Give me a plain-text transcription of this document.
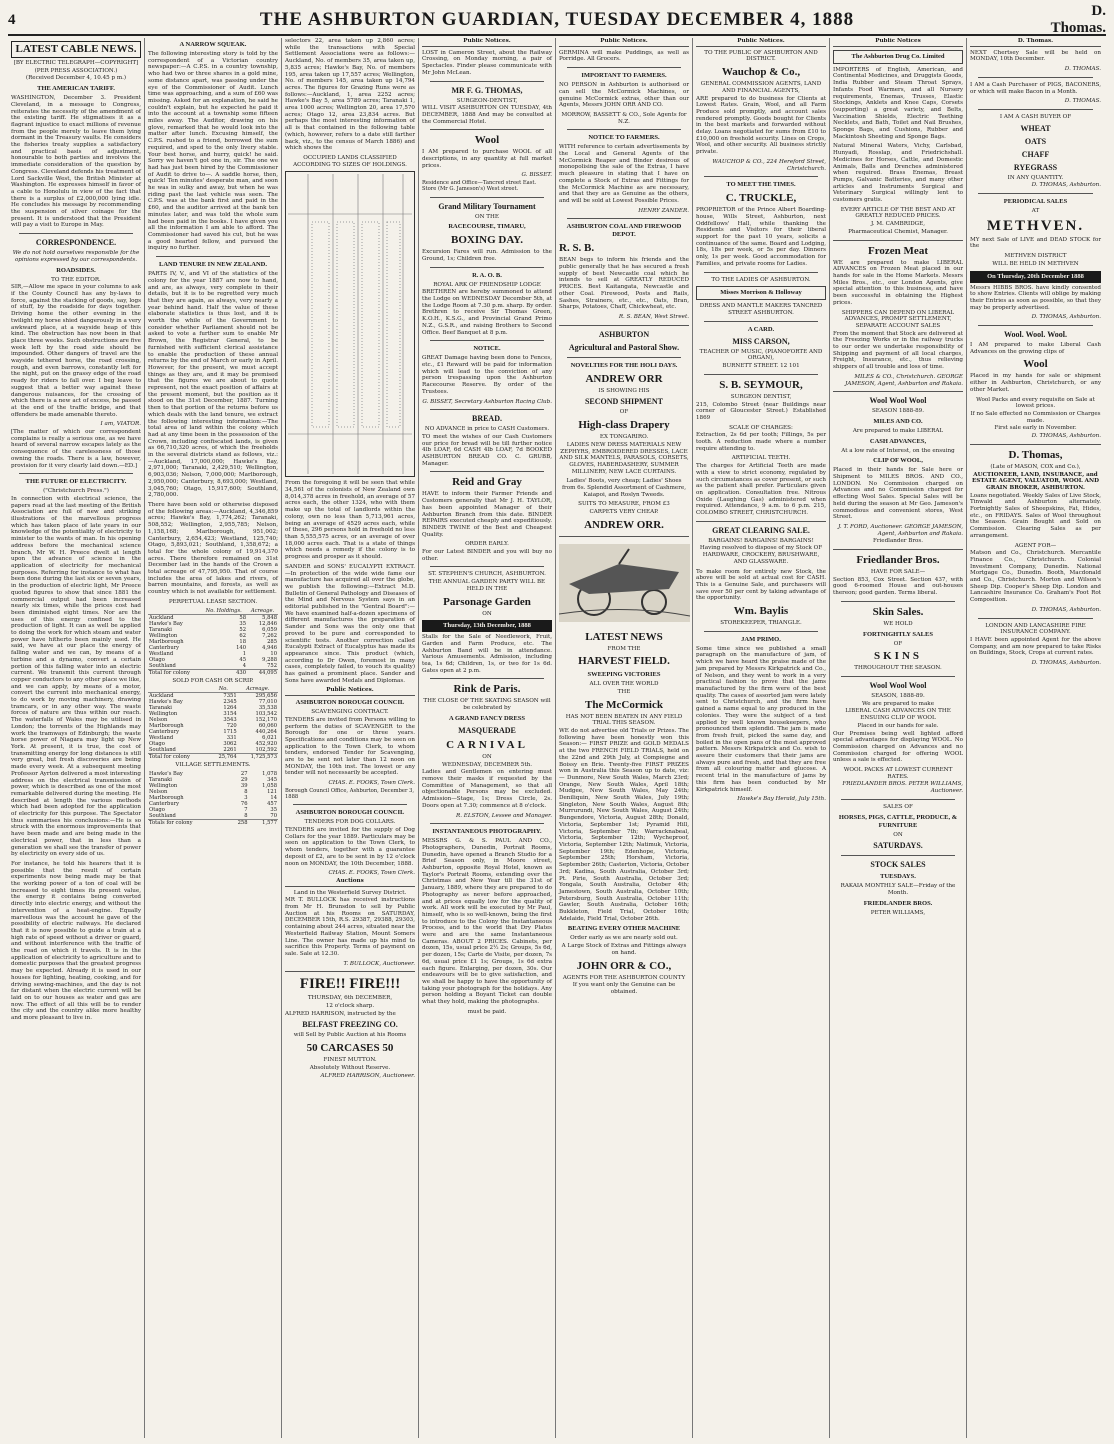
4	THE ASHBURTON GUARDIAN, TUESDAY DECEMBER 4, 1888	D. Thomas.
LATEST CABLE NEWS.
[BY ELECTRIC TELEGRAPH—COPYRIGHT]
(PER PRESS ASSOCIATION.)
(Received December 4, 10.45 p m.)
THE AMERICAN TARIFF.

WASHINGTON, December 3. President Cleveland, in a message to Congress, reiterates the necessity of the amendment of the existing tariff. He stigmatises it as a flagrant injustice to exact millions of revenue from the people merely to leave them lying dormant in the Treasury vaults. He considers the fisheries treaty supplies a satisfactory and practical basis of adjustment, honourable to both parties and involves the immediate consideration of the question by Congress. Cleveland defends his treatment of Lord Sackville West, the British Minister at Washington. He expresses himself in favor of a cable to Honolulu in view of the fact that there is a surplus of £2,000,000 lying idle. He concludes his message by recommending the suspension of silver coinage for the present. It is understood that the President will pay a visit to Europe in May.

CORRESPONDENCE.
We do not hold ourselves responsible for the opinions expressed by our correspondents.
ROADSIDES.
TO THE EDITOR.

SIR,—Allow me space in your columns to ask if the County Council has any by-laws to force, against the stacking of goods, say, logs of stuff, by the roadside for days together. Driving home the other evening in the twilight my horse shied dangerously in a very awkward place, at a wayside heap of this kind. The obstruction has now been in that place three weeks. Such obstructions are five week left by the road side should be impounded. Other dangers of travel are the wayside tethered horse, the road crossing, rough, and even barrows, constantly left for the night, put on the grassy edge of the road ready for riders to fall over. I beg leave to suggest that a better way against these dangerous nuisances, for the crossing of which there is a new act of excess, be passed at the end of the traffic bridge, and that offenders be made amenable thereto.

I am, VIATOR.

[The matter of which our correspondent complains is really a serious one, as we have heard of several narrow escapes lately as the consequence of the carelessness of those owning the roads. There is a law, however, provision for it very clearly laid down.—ED.]

THE FUTURE OF ELECTRICITY.
("Christchurch Press.")

In connection with electrical science, the papers read at the last meeting of the British Association are full of new and striking illustrations of the marvellous progress which has taken place of late years in our knowledge of the potentiality of electricity to minister to the wants of man. In his opening address before the mechanical science branch, Mr W. H. Preece dwelt at length upon the advance of science in the application of electricity for mechanical purposes. Referring for instance to what has been done during the last six or seven years, in the production of electric light, Mr Preece quoted figures to show that since 1881 the commercial output had been increased nearly six times, while the prices cost had been diminished eight times. Nor are the uses of this energy confined to the production of light. It can as well be applied to doing the work for which steam and water power have hitherto been mainly used. He said, we have at our place the energy of falling water and we can, by means of a turbine and a dynamo, convert a certain portion of this falling water into an electric current. We transmit this current through copper conductors to any other place we like, and we can apply, by means of a motor, convert the current into mechanical energy, to do work by moving machinery, drawing tramcars, or in any other way. The waste forces of nature are thus within our reach. The waterfalls of Wales may be utilised in London; the torrents of the Highlands may work the tramways of Edinburgh; the waste horse power of Niagara may light up New York. At present, it is true, the cost of transmitting energy for long distances is still very great, but fresh discoveries are being made every week. At a subsequent meeting Professor Ayrton delivered a most interesting address on the electrical transmission of power, which is described as one of the most remarkable delivered during the meeting. He described at length the various methods which had been adopted for the application of electricity for this purpose. The Spectator thus summarises his conclusions:—He is so struck with the enormous improvements that have been made and are being made in the electrical power, that in less than a generation we shall see the transfer of power by electricity on every side of us.

For instance, he told his hearers that it is possible that the result of certain experiments now being made may be that the working power of a ton of coal will be increased to eight times its present value, the energy it contains being converted directly into electric energy, and without the intervention of a heat-engine. Equally marvellous was the account he gave of the possibility of electric railways. He declared that it is now possible to guide a train at a high rate of speed without a driver or guard, and without interference with the traffic of the road on which it travels. It is in the application of electricity to agriculture and to domestic purposes that the greatest progress may be expected. Already it is used in our houses for lighting, heating, cooking, and for driving sewing-machines, and the day is not far distant when the electric current will be laid on to our houses as water and gas are now. The effect of all this will be to render the city and the country alike more healthy and more pleasant to live in.

A NARROW SQUEAK.

The following interesting story is told by the correspondent of a Victorian country newspaper:—A C.P.S. in a country township, who had two or three shares in a gold mine, some distance apart, was passing under the eye of the Commissioner of Audit. Lunch time was approaching, and a sum of £60 was missing. Asked for an explanation, he said he couldn't explain, but he expected he paid it into the account at a township some fifteen miles away. The Auditor, drawing on his glove, remarked that he would look into the matter after lunch. Excusing himself, the C.P.S. rushed to a friend, borrowed the sum required, and sped to the only livery stable. Your best horse, and hurry, quick! he said. Sorry we haven't got one in, sir. The one we had has just been hired by the Commissioner of Audit to drive to—. A saddle horse, then, quick! Ten minutes' desperate man, and soon he was in sulky and away, but when he was riding past the last vehicle was seen. The C.P.S. was at the bank first and paid in the £60, and the auditor arrived at the bank ten minutes later, and was told the whole sum had been paid in the books. I have given you all the information I am able to afford. The Commissioner had saved his cut, but he was a good hearted fellow, and pursued the inquiry no further.

LAND TENURE IN NEW ZEALAND.

PARTS IV, V., and VI of the statistics of the colony for the year 1887 are now to hand, and are, as always, very complete in their details, but it is to be regretted very much that they are again, as always, very nearly a year behind hand. Half the value of these elaborate statistics is thus lost, and it is worth the while of the Government to consider whether Parliament should not be asked to vote a further sum to enable Mr Brown, the Registrar General, to be furnished with sufficient clerical assistance to enable the production of these annual returns by the end of March or early in April. However, for the present, we must accept things as they are, and it may be premised that the figures we are about to quote represent, not the exact position of affairs at the present moment, but the position as it stood on the 31st December, 1887. Turning then to that portion of the returns before us which deals with the land tenure, we extract the following interesting information:—The total area of land within the colony which had at any time been in the possession of the Crown, including confiscated lands, is given as 66,710,320 acres, of which the freeholds in the several districts stand as follows, viz.:—Auckland, 17,000,000; Hawke's Bay, 2,971,000; Taranaki, 2,429,510; Wellington, 6,903,036; Nelson, 7,000,000; Marlborough, 2,950,000; Canterbury, 8,693,000; Westland, 3,045,760; Otago, 15,917,600; Southland, 2,780,000.

There have been sold or otherwise disposed of the following areas:—Auckland, 4,346,859 acres; Hawke's Bay, 1,774,262; Taranaki, 508,552; Wellington, 2,955,785; Nelson, 1,158,168; Marlborough, 951,002; Canterbury, 2,654,423; Westland, 125,740; Otago, 5,893,021; Southland, 1,358,672; a total for the whole colony of 19,914,370 acres. There therefore remained on 31st December last in the hands of the Crown a total acreage of 47,795,950. That of course includes the area of lakes and rivers, of barren mountains, and forests, as well as country which is not available for settlement.

PERPETUAL LEASE SECTION.
	No. Holdings.	Acreage.
Auckland	58	5,848
Hawke's Bay	35	12,846
Taranaki	52	6,059
Wellington	62	7,262
Marlborough	18	285
Canterbury	140	4,946
Westland	1	10
Otago	45	9,288
Southland	4	752
Total for colony	430	44,095
SOLD FOR CASH OR SCRIP.
	No.	Acreage.
Auckland	7351	295,656
Hawke's Bay	2345	77,010
Taranaki	1264	35,538
Wellington	3154	103,542
Nelson	3543	152,170
Marlborough	720	60,060
Canterbury	1715	440,264
Westland	331	6,021
Otago	3062	452,920
Southland	2261	102,592
Total for colony	25,764	1,725,573
VILLAGE SETTLEMENTS.
Hawke's Bay	27	1,078
Taranaki	29	345
Wellington	39	1,058
Nelson	8	121
Marlborough	3	14
Canterbury	76	457
Otago	7	35
Southland	8	70
Totals for colony	258	1,577

selectors 22, area taken up 2,860 acres; while the transactions with Special Settlement Associations were as follows:—Auckland, No. of members 35, area taken up, 5,835 acres; Hawke's Bay, No. of members 195, area taken up 17,557 acres; Wellington, No. of members 145, area taken up 14,794 acres. The figures for Grazing Runs were as follows:—Auckland, 1, area 2252 acres; Hawke's Bay 5, area 5789 acres; Taranaki 1, area 1000 acres; Wellington 20, area 17,570 acres; Otago 12, area 23,834 acres. But perhaps the most interesting information of all is that contained in the following table (which, however, refers to a date still farther back, viz., to the census of March 1886) and which shows the

OCCUPIED LANDS CLASSIFIED ACCORDING TO SIZES OF HOLDINGS.

From the foregoing it will be seen that while 34,561 of the colonists of New Zealand own 8,014,378 acres in freehold, an average of 57 acres each, the other 1324, who with them make up the total of landlords within the colony, own no less than 5,713,961 acres, being an average of 4529 acres each, while of these, 296 persons hold in freehold no less than 5,555,575 acres, or an average of over 18,000 acres each. That is a state of things which needs a remedy if the colony is to progress and prosper as it should.

SANDER and SONS' EUCALYPTI EXTRACT.—In protection of the wide wide fame our manufacture has acquired all over the globe, we publish the following:—Extract M.D. Bulletin of General Pathology and Diseases of the Mind and Nervous System says in an editorial published in the "Gentral Board":—We have examined half-a-dozen specimens of different manufactures the preparation of Sander and Sons was the only one that proved to be pure and corresponded to scientific tests. Another correction called Eucalypti Extract of Eucalyptus has made its appearance since. This product (which, according to Dr Owen, foremost in many cases, completely failed, to vouch its quality) has gained a prominent place. Sander and Sons have awarded Medals and Diplomas.

Public Notices.
ASHBURTON BOROUGH COUNCIL
SCAVENGING CONTRACT.

TENDERS are invited from Persons willing to perform the duties of SCAVENGER to the Borough for one or three years. Specifications and conditions may be seen on application to the Town Clerk, to whom tenders, endorsed Tender for Scavenging, are to be sent not later than 12 noon on MONDAY, the 10th inst. The lowest or any tender will not necessarily be accepted.

CHAS. E. FOOKS, Town Clerk.
Borough Council Office, Ashburton, December 3, 1888
ASHBURTON BOROUGH COUNCIL
TENDERS FOR DOG COLLARS.

TENDERS are invited for the supply of Dog Collars for the year 1889. Particulars may be seen on application to the Town Clerk, to whom tenders, together with a guarantee deposit of £2, are to be sent in by 12 o'clock noon on MONDAY, the 10th December, 1888.

CHAS. E. FOOKS, Town Clerk.
Auctions
Land in the Westerfield Survey District.

MR T. BULLOCK has received instructions from Mr H. Brunsdon to sell by Public Auction at his Rooms on SATURDAY, DECEMBER 15th, R.S. 29387, 29388, 29303, containing about 244 acres, situated near the Westerfield Railway Station, Mount Somers Line. The owner has made up his mind to sacrifice this Property. Terms of payment on sale. Sale at 12.30.

T. BULLOCK, Auctioneer.
FIRE!! FIRE!!!
THURSDAY, 6th DECEMBER,
12 o'clock sharp.
ALFRED HARRISON, instructed by the
BELFAST FREEZING CO.
will Sell by Public Auction at his Rooms
50 CARCASES 50
FINEST MUTTON.
Absolutely Without Reserve.
ALFRED HARRISON, Auctioneer.
Public Notices.

LOST in Cameron Street, about the Railway Crossing, on Monday morning, a pair of Spectacles. Finder please communicate with Mr John McLean.

MR F. G. THOMAS,
SURGEON-DENTIST,

WILL VISIT ASHBURTON ON TUESDAY, 4th DECEMBER, 1888 And may be consulted at the Commercial Hotel.

Wool

I AM prepared to purchase WOOL of all descriptions, in any quantity at full market prices.

G. BISSET.
Residence and Office—Tancred street East. Store (Mr G. Jameson's) West street.
Grand Military Tournament
ON THE
RACECOURSE, TIMARU,
BOXING DAY.

Excursion Fares will run. Admission to the Ground, 1s; Children free.

R. A. O. B.
ROYAL ARK OF FRIENDSHIP LODGE

BRETHREN are hereby summoned to attend the Lodge on WEDNESDAY December 5th, at the Lodge Room at 7.30 p.m. sharp. By order. Brethren to receive Sir Thomas Green, K.O.H., K.S.G., and Provincial Grand Primo N.Z., G.S.R., and raising Brothers to Second Office. Beef Banquet at 8 p.m.

NOTICE.

GREAT Damage having been done to Fences, etc., £1 Reward will be paid for information which will lead to the conviction of any person trespassing upon the Ashburton Racecourse Reserve. By order of the Trustees.

G. BISSET, Secretary Ashburton Racing Club.
BREAD.
NO ADVANCE in price to CASH Customers.

TO meet the wishes of our Cash Customers our price for bread will be till further notice 4lb LOAF, 6d CASH 4lb LOAF, 7d BOOKED ASHBURTON BREAD CO. C. GRUBB, Manager.

Reid and Gray

HAVE to inform their Farmer Friends and Customers generally that Mr J. H. TAYLOR, has been appointed Manager of their Ashburton Branch from this date. BINDER REPAIRS executed cheaply and expeditiously. BINDER TWINE of the Best and Cheapest Quality.

ORDER EARLY.

For our Latest BINDER and you will buy no other.

ST. STEPHEN'S CHURCH, ASHBURTON.
THE ANNUAL GARDEN PARTY WILL BE HELD IN THE
Parsonage Garden
ON
Thursday, 13th December, 1888

Stalls for the Sale of Needlework, Fruit, Garden and Farm Produce, etc. The Ashburton Band will be in attendance. Various Amusements. Admission, including tea, 1s 6d; Children, 1s, or two for 1s 6d. Gates open at 2 p.m.

Rink de Paris.
THE CLOSE OF THE SKATING SEASON will be celebrated by
A GRAND FANCY DRESS
MASQUERADE
CARNIVAL
ON
WEDNESDAY, DECEMBER 5th.

Ladies and Gentlemen on entering must remove their masks if requested by the Committee of Management, so that all objectionable Persons may be excluded. Admission—Stage, 1s; Dress Circle, 2s. Doors open at 7.30; commence at 8 o'clock.

R. ELSTON, Lessee and Manager.
INSTANTANEOUS PHOTOGRAPHY.

MESSRS G. & S. PAUL AND CO., Photographers, Dunedin, Portrait Rooms, Dunedin, have opened a Branch Studio for a Brief Season only, in Moore street, Ashburton, opposite Royal Hotel, known as Taylor's Portrait Rooms, extending over the Christmas and New Year till the 31st of January, 1889, where they are prepared to do Photography as never before approached, and at prices equally low for the quality of work. All work will be executed by Mr Paul, himself, who is so well-known, being the first to introduce to the Colony the Instantaneous Process, and to the world that Dry Plates were and are the same Instantaneous Cameras. ABOUT 2 PRICES. Cabinets, per dozen, 15s, usual price 2½ 2s; Groups, 5s 6d, per dozen, 15s; Carte de Visite, per dozen, 7s 6d, usual price £1 1s; Groups, 1s 6d extra each figure. Enlarging, per dozen, 30s. Our endeavours will be to give satisfaction, and we shall be happy to have the opportunity of taking your photograph for the holidays. Any person holding a Boyant Ticket can double what they hold, making the photographs.

must be paid.
Public Notices.

GERMINA will make Puddings, as well as Porridge. All Grocers.

IMPORTANT TO FARMERS.

NO PERSON in Ashburton is authorised or can sell the McCormick Machines, or genuine McCormick extras, other than our Agents, Messrs JOHN ORR AND CO.

MORROW, BASSETT & CO., Sole Agents for N.Z.
NOTICE TO FARMERS.

WITH reference to certain advertisements by the Local and General Agents of the McCormick Reaper and Binder desirous of monopolising the sale of the Extras, I have much pleasure in stating that I have on complete a Stock of Extras and Fittings for the McCormick Machine as are necessary, and that they are as Genuine as the others, and will be sold at Lowest Possible Prices.

HENRY ZANDER.
ASHBURTON COAL AND FIREWOOD DEPOT.
R. S. B.

BEAN begs to inform his friends and the public generally that he has secured a fresh supply of best Newcastle coal which he intends to sell at GREATLY REDUCED PRICES. Best Kaitangata, Newcastle and other Coal. Firewood, Posts and Rails, Sashes, Strainers, etc., etc., Oats, Bran, Sharps, Potatoes, Chaff, Chickwheat, etc.

R. S. BEAN, West Street.
ASHBURTON
Agricultural and Pastoral Show.
NOVELTIES FOR THE HOLI DAYS.
ANDREW ORR
IS SHOWING HIS
SECOND SHIPMENT
OF
High-class Drapery
EX TONGARIRO.

LADIES NEW DRESS MATERIALS NEW ZEPHYRS, EMBROIDERED DRESSES, LACE AND SILK MANTELS, PARASOLS, CORSETS, GLOVES, HABERDASHERY, SUMMER MILLINERY, NEW LACE CURTAINS.

Ladies' Boots, very cheap; Ladies' Shoes from 6s. Splendid Assortment of Cashmere, Kaiapoi, and Roslyn Tweeds.

SUITS TO MEASURE, FROM £3
CARPETS VERY CHEAP.
ANDREW ORR.
LATEST NEWS
FROM THE
HARVEST FIELD.
SWEEPING VICTORIES
ALL OVER THE WORLD
THE
The McCormick
HAS NOT BEEN BEATEN IN ANY FIELD TRIAL THIS SEASON.

WE do not advertise old Trials or Prizes. The following have been honestly won this Season:— FIRST PRIZE and GOLD MEDALS at the two FRENCH FIELD TRIALS, held on the 22nd and 29th July, at Compiegne and Boissy en Brie. Twenty-five FIRST PRIZES won in Australia this Season up to date, viz:— Dunmore, New South Wales, March 23rd; Orange, New South Wales, April 18th; Mudgee, New South Wales, May 24th; Deniliquin, New South Wales, July 19th; Singleton, New South Wales, August 8th; Murrurundi, New South Wales, August 24th; Bungendore, Victoria, August 28th; Donald, Victoria, September 1st; Pyramid Hill, Victoria, September 7th; Warracknabeal, Victoria, September 12th; Wycheproof, Victoria, September 12th; Natimuk, Victoria, September 19th; Edenhope, Victoria, September 25th; Horsham, Victoria, September 26th; Casterton, Victoria, October 3rd; Kadina, South Australia, October 3rd; Pt. Pirie, South Australia, October 3rd; Yongala, South Australia, October 4th; Jamestown, South Australia, October 10th; Petersburg, South Australia, October 11th; Gawler, South Australia, October 16th; Bukkleton, Field Trial, October 16th; Adelaide, Field Trial, October 26th.

BEATING EVERY OTHER MACHINE
Order early as we are nearly sold out.
A Large Stock of Extras and Fittings always on hand.
JOHN ORR & CO.,
AGENTS FOR THE ASHBURTON COUNTY
If you want only the Genuine can be obtained.
Public Notices.
TO THE PUBLIC OF ASHBURTON AND DISTRICT.
Wauchop & Co.,
GENERAL COMMISSION AGENTS, LAND AND FINANCIAL AGENTS,

ARE prepared to do business for Clients at Lowest Rates. Grain, Wool, and all Farm Produce sold promptly, and account sales rendered promptly. Goods bought for Clients in the best markets and forwarded without delay. Loans negotiated for sums from £10 to £10,000 on freehold security. Lines on Crops, Wool, and other security. All business strictly private.

WAUCHOP & CO., 224 Hereford Street, Christchurch.
TO MEET THE TIMES.
C. TRUCKLE,

PROPRIETOR of the Prince Albert Boarding-house, Wills Street, Ashburton, next Oddfellows' Hall, while thanking the Residents and Visitors for their liberal support for the past 10 years, solicits a continuance of the same. Board and Lodging, 18s, 18s per week, or 5s per day. Dinners only, 1s per week. Good accommodation for Families, and private rooms for Ladies.

TO THE LADIES OF ASHBURTON.
Misses Morrison & Holloway
DRESS AND MANTLE MAKERS TANCRED STREET ASHBURTON.
A CARD.
MISS CARSON,
TEACHER OF MUSIC, (PIANOFORTE AND ORGAN),
BURNETT STREET. 12 101
S. B. SEYMOUR,
SURGEON DENTIST,

215, Colombo Street (near Buildings near corner of Gloucester Street.) Established 1869

SCALE OF CHARGES:

Extraction, 2s 6d per tooth; Fillings, 5s per tooth. A reduction made where a number require attending to.

ARTIFICIAL TEETH.

The charges for Artificial Teeth are made with a view to strict economy, regulated by such circumstances as cover present, or such as the patient shall prefer. Particulars given on application. Consultation free. Nitrous Oxide (Laughing Gas) administered when required. Attendance, 9 a.m. to 6 p.m. 215, COLOMBO STREET, CHRISTCHURCH.

GREAT CLEARING SALE.
BARGAINS! BARGAINS! BARGAINS!

Having resolved to dispose of my Stock OF HARDWARE, CROCKERY, BRUSHWARE, AND GLASSWARE.

To make room for entirely new Stock, the above will be sold at actual cost for CASH. This is a Genuine Sale, and purchasers will save over 50 per cent by taking advantage of the opportunity.

Wm. Baylis
STOREKEEPER, TRIANGLE.
JAM PRIMO.

Some time since we published a small paragraph on the manufacture of jam, of which we have heard the praise made of the jam prepared by Messrs Kirkpatrick and Co., of Nelson, and they went to work in a very practical fashion to prove that the jams manufactured by the firm were of the best quality. The cases of assorted jam were lately sent to Christchurch, and the firm have gained a name equal to any produced in the colonies. They were the subject of a test applied by well known housekeepers, who pronounced them splendid. The jam is made from fresh fruit, picked the same day, and boiled in the open pans of the most approved pattern. Messrs Kirkpatrick and Co. wish to assure their customers that their jams are always pure and fresh, and that they are free from all colouring matter and glucose. A recent trial in the manufacture of jams by this firm has been conducted by Mr Kirkpatrick himself.

Hawke's Bay Herald, July 15th.
Public Notices
The Ashburton Drug Co. Limited

IMPORTERS of English, American, and Continental Medicines, and Druggists Goods, India Rubber and Steam Throat Sprays, Infants Food Warmers, and all Nursery requirements, Enemas, Trusses, Elastic Stockings, Anklets and Knee Caps, Corsets (supporting) a great variety, and Belts, Vaccination Shields, Electric Teething Necklets, and Bath, Toilet and Nail Brushes, Sponge Bags, and Cushions, Rubber and Mackintosh Sheeting and Sponge Bags.

Natural Mineral Waters, Vichy, Carlsbad, Hunyadi, Rosslap, and Friedrichshall. Medicines for Horses, Cattle, and Domestic Animals, Balls and Drenches administered when required. Brass Enemas, Breast Pumps, Galvanic Batteries, and many other articles and Instruments Surgical and Veterinary Surgical willingly lent to customers gratis.

EVERY ARTICLE OF THE BEST AND AT GREATLY REDUCED PRICES.
J. M. CAMBRIDGE,
Pharmaceutical Chemist, Manager.
Frozen Meat

WE are prepared to make LIBERAL ADVANCES on Frozen Meat placed in our hands for sale in the Home Markets. Messrs Miles Bros., etc., our London Agents, give special attention to this business, and have been successful in obtaining the Highest prices.

SHIPPERS CAN DEPEND ON LIBERAL ADVANCES, PROMPT SETTLEMENT, SEPARATE ACCOUNT SALES

From the moment that Stock are delivered at the Freezing Works or in the railway trucks to our order we undertake responsibility of Shipping and payment of all local charges, Freight, Insurance, etc., thus relieving shippers of all trouble and loss of time.

MILES & CO., Christchurch. GEORGE JAMESON, Agent, Ashburton and Rakaia.
Wool Wool Wool
SEASON 1888-89.
MILES AND CO.
Are prepared to make LIBERAL
CASH ADVANCES,
At a low rate of Interest, on the ensuing
CLIP OF WOOL,

Placed in their hands for Sale here or Shipment to MILES BROS. AND CO., LONDON. No Commission charged on Advances and no Commission charged for effecting Wool Sales. Special Sales will be held during the season at Mr Geo. Jameson's commodious and convenient stores, West Street.

J. T. FORD, Auctioneer. GEORGE JAMESON, Agent, Ashburton and Rakaia.
Friedlander Bros.
Friedlander Bros.
HAVE FOR SALE—

Section 853, Cox Street. Section 437, with good 6-roomed House and out-houses thereon; good garden. Terms liberal.

Skin Sales.
WE HOLD
FORTNIGHTLY SALES
OF
SKINS
THROUGHOUT THE SEASON.
Wool Wool Wool
SEASON, 1888-89.
We are prepared to make
LIBERAL CASH ADVANCES ON THE ENSUING CLIP OF WOOL
Placed in our hands for sale.

Our Premises being well lighted afford special advantages for displaying WOOL. No Commission charged on Advances and no Commission charged for offering WOOL unless a sale is effected.

WOOL PACKS AT LOWEST CURRENT RATES.
FRIEDLANDER BROS. PETER WILLIAMS, Auctioneer.
SALES OF
HORSES, PIGS, CATTLE, PRODUCE, & FURNITURE
ON
SATURDAYS.
STOCK SALES
TUESDAYS.
RAKAIA MONTHLY SALE—Friday of the Month.
FRIEDLANDER BROS.
PETER WILLIAMS,
D. Thomas.

NEXT Chertsey Sale will be held on MONDAY, 10th December.

D. THOMAS.

I AM a Cash Purchaser of PIGS, BACONERS, or which will make Bacon in a Month.

D. THOMAS.
I AM A CASH BUYER OF
WHEAT
OATS
CHAFF
RYEGRASS
IN ANY QUANTITY.
D. THOMAS, Ashburton.
PERIODICAL SALES
AT
METHVEN.

MY next Sale of LIVE and DEAD STOCK for the

METHVEN DISTRICT
WILL BE HELD IN METHVEN
On Thursday, 20th December 1888

Messrs HIBBS BROS. have kindly consented to show Entries. Clients will oblige by making their Entries as soon as possible, so that they may be properly advertised.

D. THOMAS, Ashburton.
Wool. Wool. Wool.

I AM prepared to make Liberal Cash Advances on the growing clips of

Wool

Placed in my hands for sale or shipment either in Ashburton, Christchurch, or any other Market.

Wool Packs and every requisite on Sale at lowest prices.
If no Sale effected no Commission or Charges made.
First sale early in November.
D. THOMAS, Ashburton.
D. Thomas,
(Late of MASON, COX and Co.),
AUCTIONEER, LAND, INSURANCE, and ESTATE AGENT, VALUATOR, WOOL AND GRAIN BROKER, ASHBURTON.

Loans negotiated. Weekly Sales of Live Stock, Tinwald and Ashburton alternately. Fortnightly Sales of Sheepskins, Fat, Hides, etc., on FRIDAYS. Sales of Wool throughout the Season. Grain Bought and Sold on Commission. Clearing Sales as per arrangement.

AGENT FOR—

Matson and Co., Christchurch. Mercantile Finance Co., Christchurch. Colonial Investment Company, Dunedin. National Mortgage Co., Dunedin. Booth, Macdonald and Co., Christchurch. Morton and Wilson's Sheep Dip. Cooper's Sheep Dip. London and Lancashire Insurance Co. Graham's Foot Rot Composition.

D. THOMAS, Ashburton.
LONDON AND LANCASHIRE FIRE INSURANCE COMPANY.

I HAVE been appointed Agent for the above Company, and am now prepared to take Risks on Buildings, Stock, Crops at current rates.

D. THOMAS, Ashburton.
